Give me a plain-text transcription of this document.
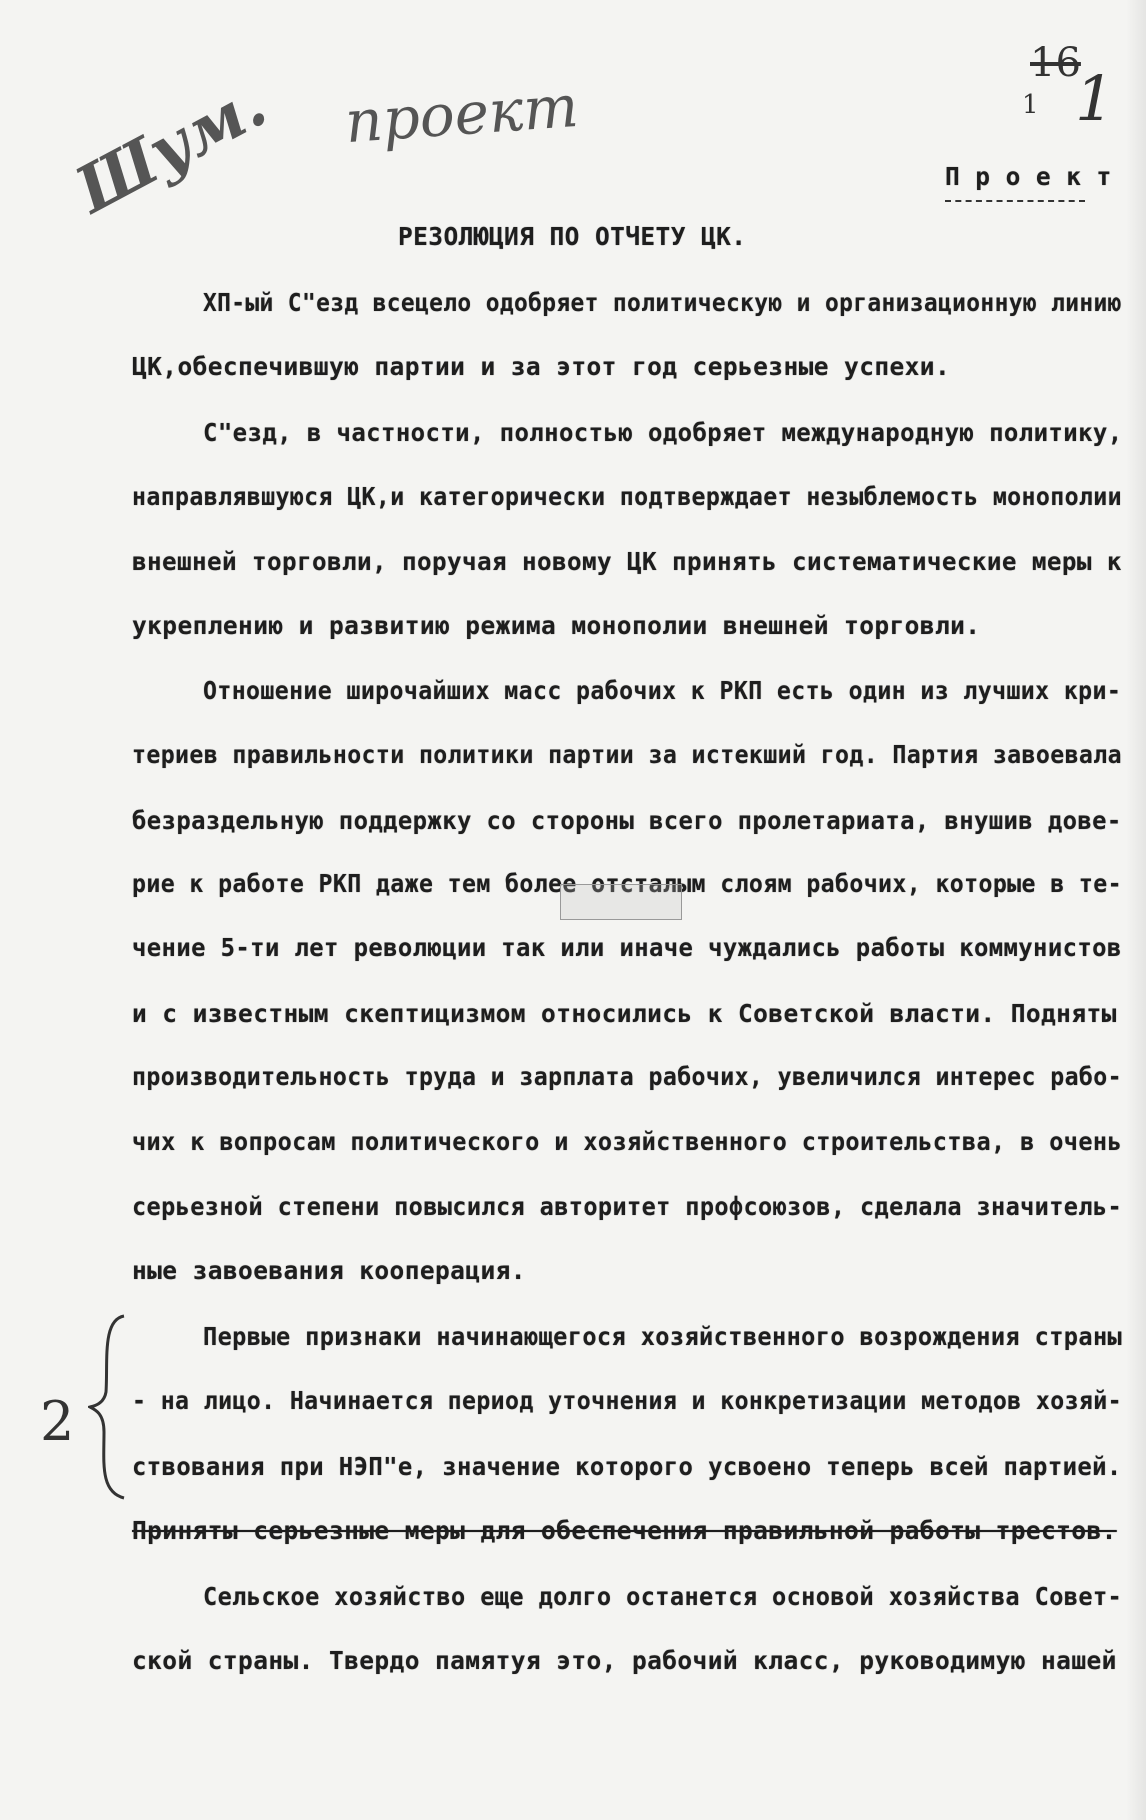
Шум. проект
16
1 1
П р о е к т
РЕЗОЛЮЦИЯ ПО ОТЧЕТУ ЦК.
ХП-ый С"езд всецело одобряет политическую и организационную линию
ЦК,обеспечившую партии и за этот год серьезные успехи.
С"езд, в частности, полностью одобряет международную политику,
направлявшуюся ЦК,и категорически подтверждает незыблемость монополии
внешней торговли, поручая новому ЦК принять систематические меры к
укреплению и развитию режима монополии внешней торговли.
Отношение широчайших масс рабочих к РКП есть один из лучших кри-
териев правильности политики партии за истекший год. Партия завоевала
безраздельную поддержку со стороны всего пролетариата, внушив дове-
рие к работе РКП даже тем более отсталым слоям рабочих, которые в те-
чение 5-ти лет революции так или иначе чуждались работы коммунистов
и с известным скептицизмом относились к Советской власти. Подняты
производительность труда и зарплата рабочих, увеличился интерес рабо-
чих к вопросам политического и хозяйственного строительства, в очень
серьезной степени повысился авторитет профсоюзов, сделала значитель-
ные завоевания кооперация.
2
Первые признаки начинающегося хозяйственного возрождения страны
- на лицо. Начинается период уточнения и конкретизации методов хозяй-
ствования при НЭП"е, значение которого усвоено теперь всей партией.
Приняты серьезные меры для обеспечения правильной работы трестов.
Сельское хозяйство еще долго останется основой хозяйства Совет-
ской страны. Твердо памятуя это, рабочий класс, руководимую нашей
